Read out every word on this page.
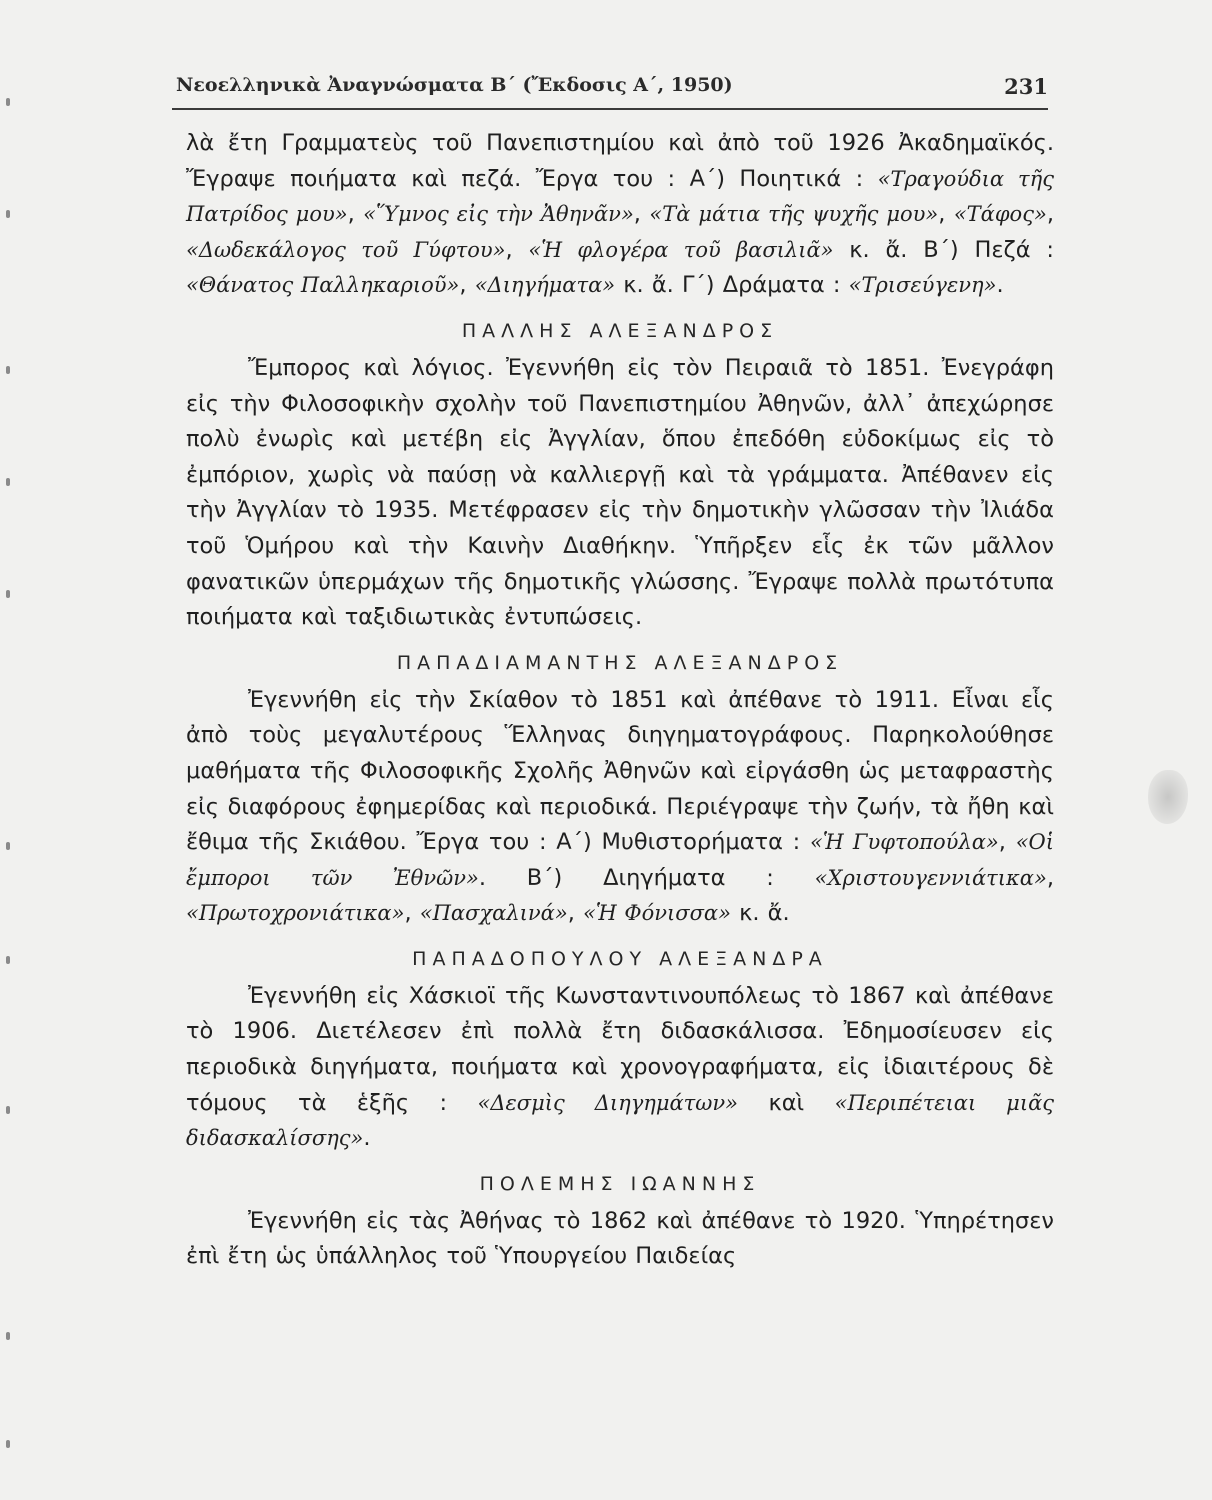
Νεοελληνικὰ Ἀναγνώσματα Β΄ (Ἔκδοσις Α΄, 1950)	231

λὰ ἔτη Γραμματεὺς τοῦ Πανεπιστημίου καὶ ἀπὸ τοῦ 1926 Ἀκαδημαϊκός. Ἔγραψε ποιήματα καὶ πεζά. Ἔργα του : Α΄) Ποιητικά : «Τραγούδια τῆς Πατρίδος μου», «Ὕμνος εἰς τὴν Ἀθηνᾶν», «Τὰ μάτια τῆς ψυχῆς μου», «Τάφος», «Δωδεκάλογος τοῦ Γύφτου», «Ἡ φλογέρα τοῦ βασιλιᾶ» κ. ἄ. Β΄) Πεζά : «Θάνατος Παλληκαριοῦ», «Διηγήματα» κ. ἄ. Γ΄) Δράματα : «Τρισεύγενη».

ΠΑΛΛΗΣ ΑΛΕΞΑΝΔΡΟΣ

Ἔμπορος καὶ λόγιος. Ἐγεννήθη εἰς τὸν Πειραιᾶ τὸ 1851. Ἐνεγράφη εἰς τὴν Φιλοσοφικὴν σχολὴν τοῦ Πανεπιστημίου Ἀθηνῶν, ἀλλ᾽ ἀπεχώρησε πολὺ ἐνωρὶς καὶ μετέβη εἰς Ἀγγλίαν, ὅπου ἐπεδόθη εὐδοκίμως εἰς τὸ ἐμπόριον, χωρὶς νὰ παύσῃ νὰ καλλιεργῇ καὶ τὰ γράμματα. Ἀπέθανεν εἰς τὴν Ἀγγλίαν τὸ 1935. Μετέφρασεν εἰς τὴν δημοτικὴν γλῶσσαν τὴν Ἰλιάδα τοῦ Ὁμήρου καὶ τὴν Καινὴν Διαθήκην. Ὑπῆρξεν εἷς ἐκ τῶν μᾶλλον φανατικῶν ὑπερμάχων τῆς δημοτικῆς γλώσσης. Ἔγραψε πολλὰ πρωτότυπα ποιήματα καὶ ταξιδιωτικὰς ἐντυπώσεις.

ΠΑΠΑΔΙΑΜΑΝΤΗΣ ΑΛΕΞΑΝΔΡΟΣ

Ἐγεννήθη εἰς τὴν Σκίαθον τὸ 1851 καὶ ἀπέθανε τὸ 1911. Εἶναι εἷς ἀπὸ τοὺς μεγαλυτέρους Ἕλληνας διηγηματογράφους. Παρηκολούθησε μαθήματα τῆς Φιλοσοφικῆς Σχολῆς Ἀθηνῶν καὶ εἰργάσθη ὡς μεταφραστὴς εἰς διαφόρους ἐφημερίδας καὶ περιοδικά. Περιέγραψε τὴν ζωήν, τὰ ἤθη καὶ ἔθιμα τῆς Σκιάθου. Ἔργα του : Α΄) Μυθιστορήματα : «Ἡ Γυφτοπούλα», «Οἱ ἔμποροι τῶν Ἐθνῶν». Β΄) Διηγήματα : «Χριστουγεννιάτικα», «Πρωτοχρονιάτικα», «Πασχαλινά», «Ἡ Φόνισσα» κ. ἄ.

ΠΑΠΑΔΟΠΟΥΛΟΥ ΑΛΕΞΑΝΔΡΑ

Ἐγεννήθη εἰς Χάσκιοϊ τῆς Κωνσταντινουπόλεως τὸ 1867 καὶ ἀπέθανε τὸ 1906. Διετέλεσεν ἐπὶ πολλὰ ἔτη διδασκάλισσα. Ἐδημοσίευσεν εἰς περιοδικὰ διηγήματα, ποιήματα καὶ χρονογραφήματα, εἰς ἰδιαιτέρους δὲ τόμους τὰ ἑξῆς : «Δεσμὶς Διηγημάτων» καὶ «Περιπέτειαι μιᾶς διδασκαλίσσης».

ΠΟΛΕΜΗΣ ΙΩΑΝΝΗΣ

Ἐγεννήθη εἰς τὰς Ἀθήνας τὸ 1862 καὶ ἀπέθανε τὸ 1920. Ὑπηρέτησεν ἐπὶ ἔτη ὡς ὑπάλληλος τοῦ Ὑπουργείου Παιδείας
